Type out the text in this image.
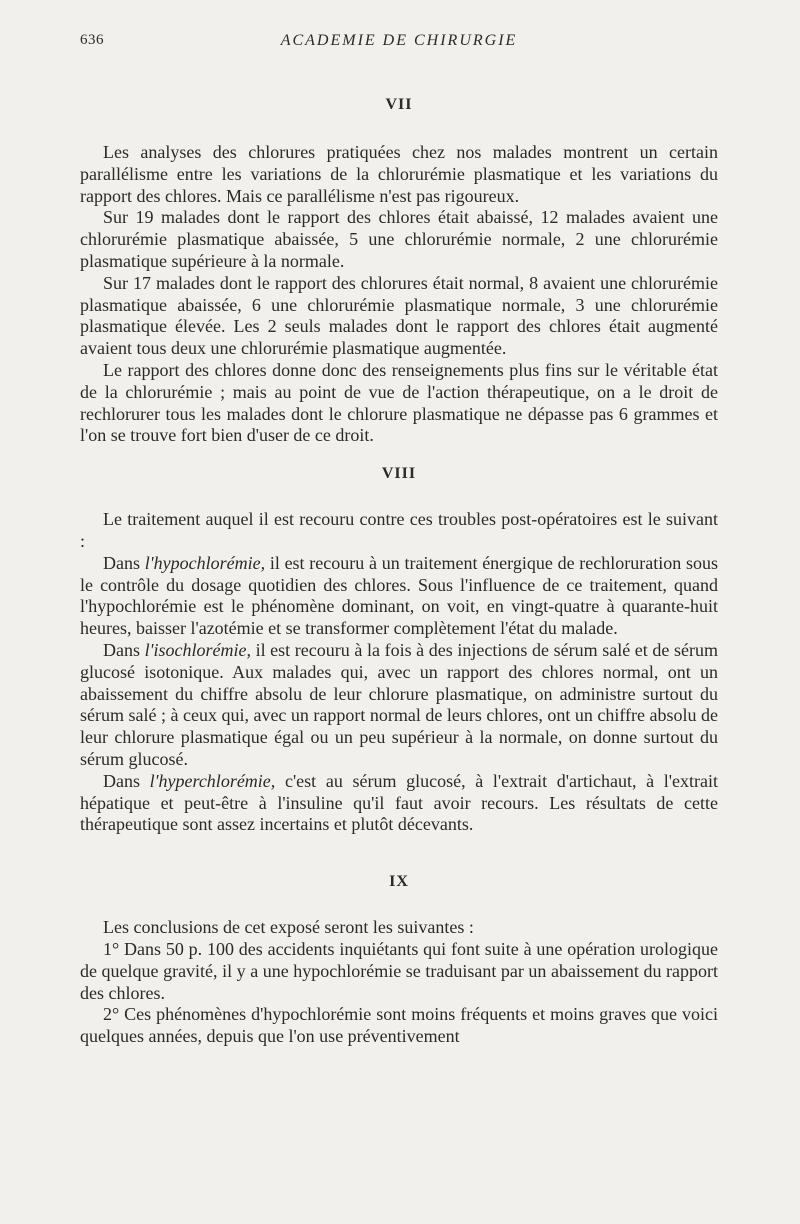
636	ACADEMIE DE CHIRURGIE
VII

Les analyses des chlorures pratiquées chez nos malades montrent un certain parallélisme entre les variations de la chlorurémie plasmatique et les variations du rapport des chlores. Mais ce parallélisme n'est pas rigoureux.

Sur 19 malades dont le rapport des chlores était abaissé, 12 malades avaient une chlorurémie plasmatique abaissée, 5 une chlorurémie normale, 2 une chlorurémie plasmatique supérieure à la normale.

Sur 17 malades dont le rapport des chlorures était normal, 8 avaient une chlorurémie plasmatique abaissée, 6 une chlorurémie plasmatique normale, 3 une chlorurémie plasmatique élevée. Les 2 seuls malades dont le rapport des chlores était augmenté avaient tous deux une chlorurémie plasmatique augmentée.

Le rapport des chlores donne donc des renseignements plus fins sur le véritable état de la chlorurémie ; mais au point de vue de l'action thérapeutique, on a le droit de rechlorurer tous les malades dont le chlorure plasmatique ne dépasse pas 6 grammes et l'on se trouve fort bien d'user de ce droit.

VIII

Le traitement auquel il est recouru contre ces troubles post-opératoires est le suivant :

Dans l'hypochlorémie, il est recouru à un traitement énergique de rechloruration sous le contrôle du dosage quotidien des chlores. Sous l'influence de ce traitement, quand l'hypochlorémie est le phénomène dominant, on voit, en vingt-quatre à quarante-huit heures, baisser l'azotémie et se transformer complètement l'état du malade.

Dans l'isochlorémie, il est recouru à la fois à des injections de sérum salé et de sérum glucosé isotonique. Aux malades qui, avec un rapport des chlores normal, ont un abaissement du chiffre absolu de leur chlorure plasmatique, on administre surtout du sérum salé ; à ceux qui, avec un rapport normal de leurs chlores, ont un chiffre absolu de leur chlorure plasmatique égal ou un peu supérieur à la normale, on donne surtout du sérum glucosé.

Dans l'hyperchlorémie, c'est au sérum glucosé, à l'extrait d'artichaut, à l'extrait hépatique et peut-être à l'insuline qu'il faut avoir recours. Les résultats de cette thérapeutique sont assez incertains et plutôt décevants.

IX

Les conclusions de cet exposé seront les suivantes :

1° Dans 50 p. 100 des accidents inquiétants qui font suite à une opération urologique de quelque gravité, il y a une hypochlorémie se traduisant par un abaissement du rapport des chlores.

2° Ces phénomènes d'hypochlorémie sont moins fréquents et moins graves que voici quelques années, depuis que l'on use préventivement
